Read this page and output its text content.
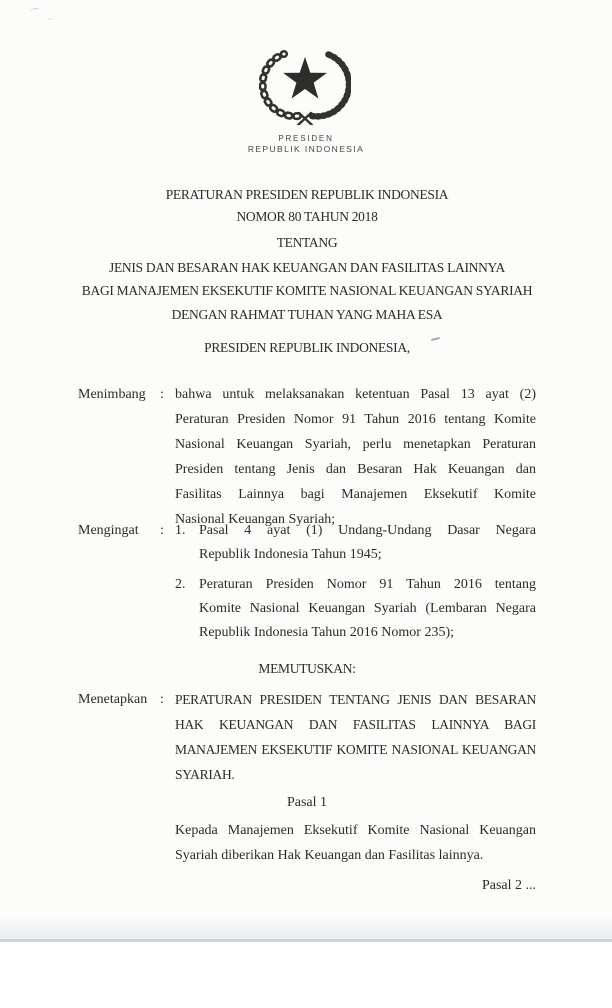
PRESIDEN
REPUBLIK INDONESIA
PERATURAN PRESIDEN REPUBLIK INDONESIA
NOMOR 80 TAHUN 2018
TENTANG
JENIS DAN BESARAN HAK KEUANGAN DAN FASILITAS LAINNYA
BAGI MANAJEMEN EKSEKUTIF KOMITE NASIONAL KEUANGAN SYARIAH
DENGAN RAHMAT TUHAN YANG MAHA ESA
PRESIDEN REPUBLIK INDONESIA,
Menimbang	: bahwa untuk melaksanakan ketentuan Pasal 13 ayat (2)
Peraturan Presiden Nomor 91 Tahun 2016 tentang Komite
Nasional Keuangan Syariah, perlu menetapkan Peraturan
Presiden tentang Jenis dan Besaran Hak Keuangan dan
Fasilitas Lainnya bagi Manajemen Eksekutif Komite
Nasional Keuangan Syariah;
Mengingat	: 1. Pasal 4 ayat (1) Undang-Undang Dasar Negara
Republik Indonesia Tahun 1945;
2. Peraturan Presiden Nomor 91 Tahun 2016 tentang
Komite Nasional Keuangan Syariah (Lembaran Negara
Republik Indonesia Tahun 2016 Nomor 235);
MEMUTUSKAN:
Menetapkan : PERATURAN PRESIDEN TENTANG JENIS DAN BESARAN
HAK KEUANGAN DAN FASILITAS LAINNYA BAGI
MANAJEMEN EKSEKUTIF KOMITE NASIONAL KEUANGAN
SYARIAH.
Pasal 1
Kepada Manajemen Eksekutif Komite Nasional Keuangan
Syariah diberikan Hak Keuangan dan Fasilitas lainnya.
Pasal 2 ...
